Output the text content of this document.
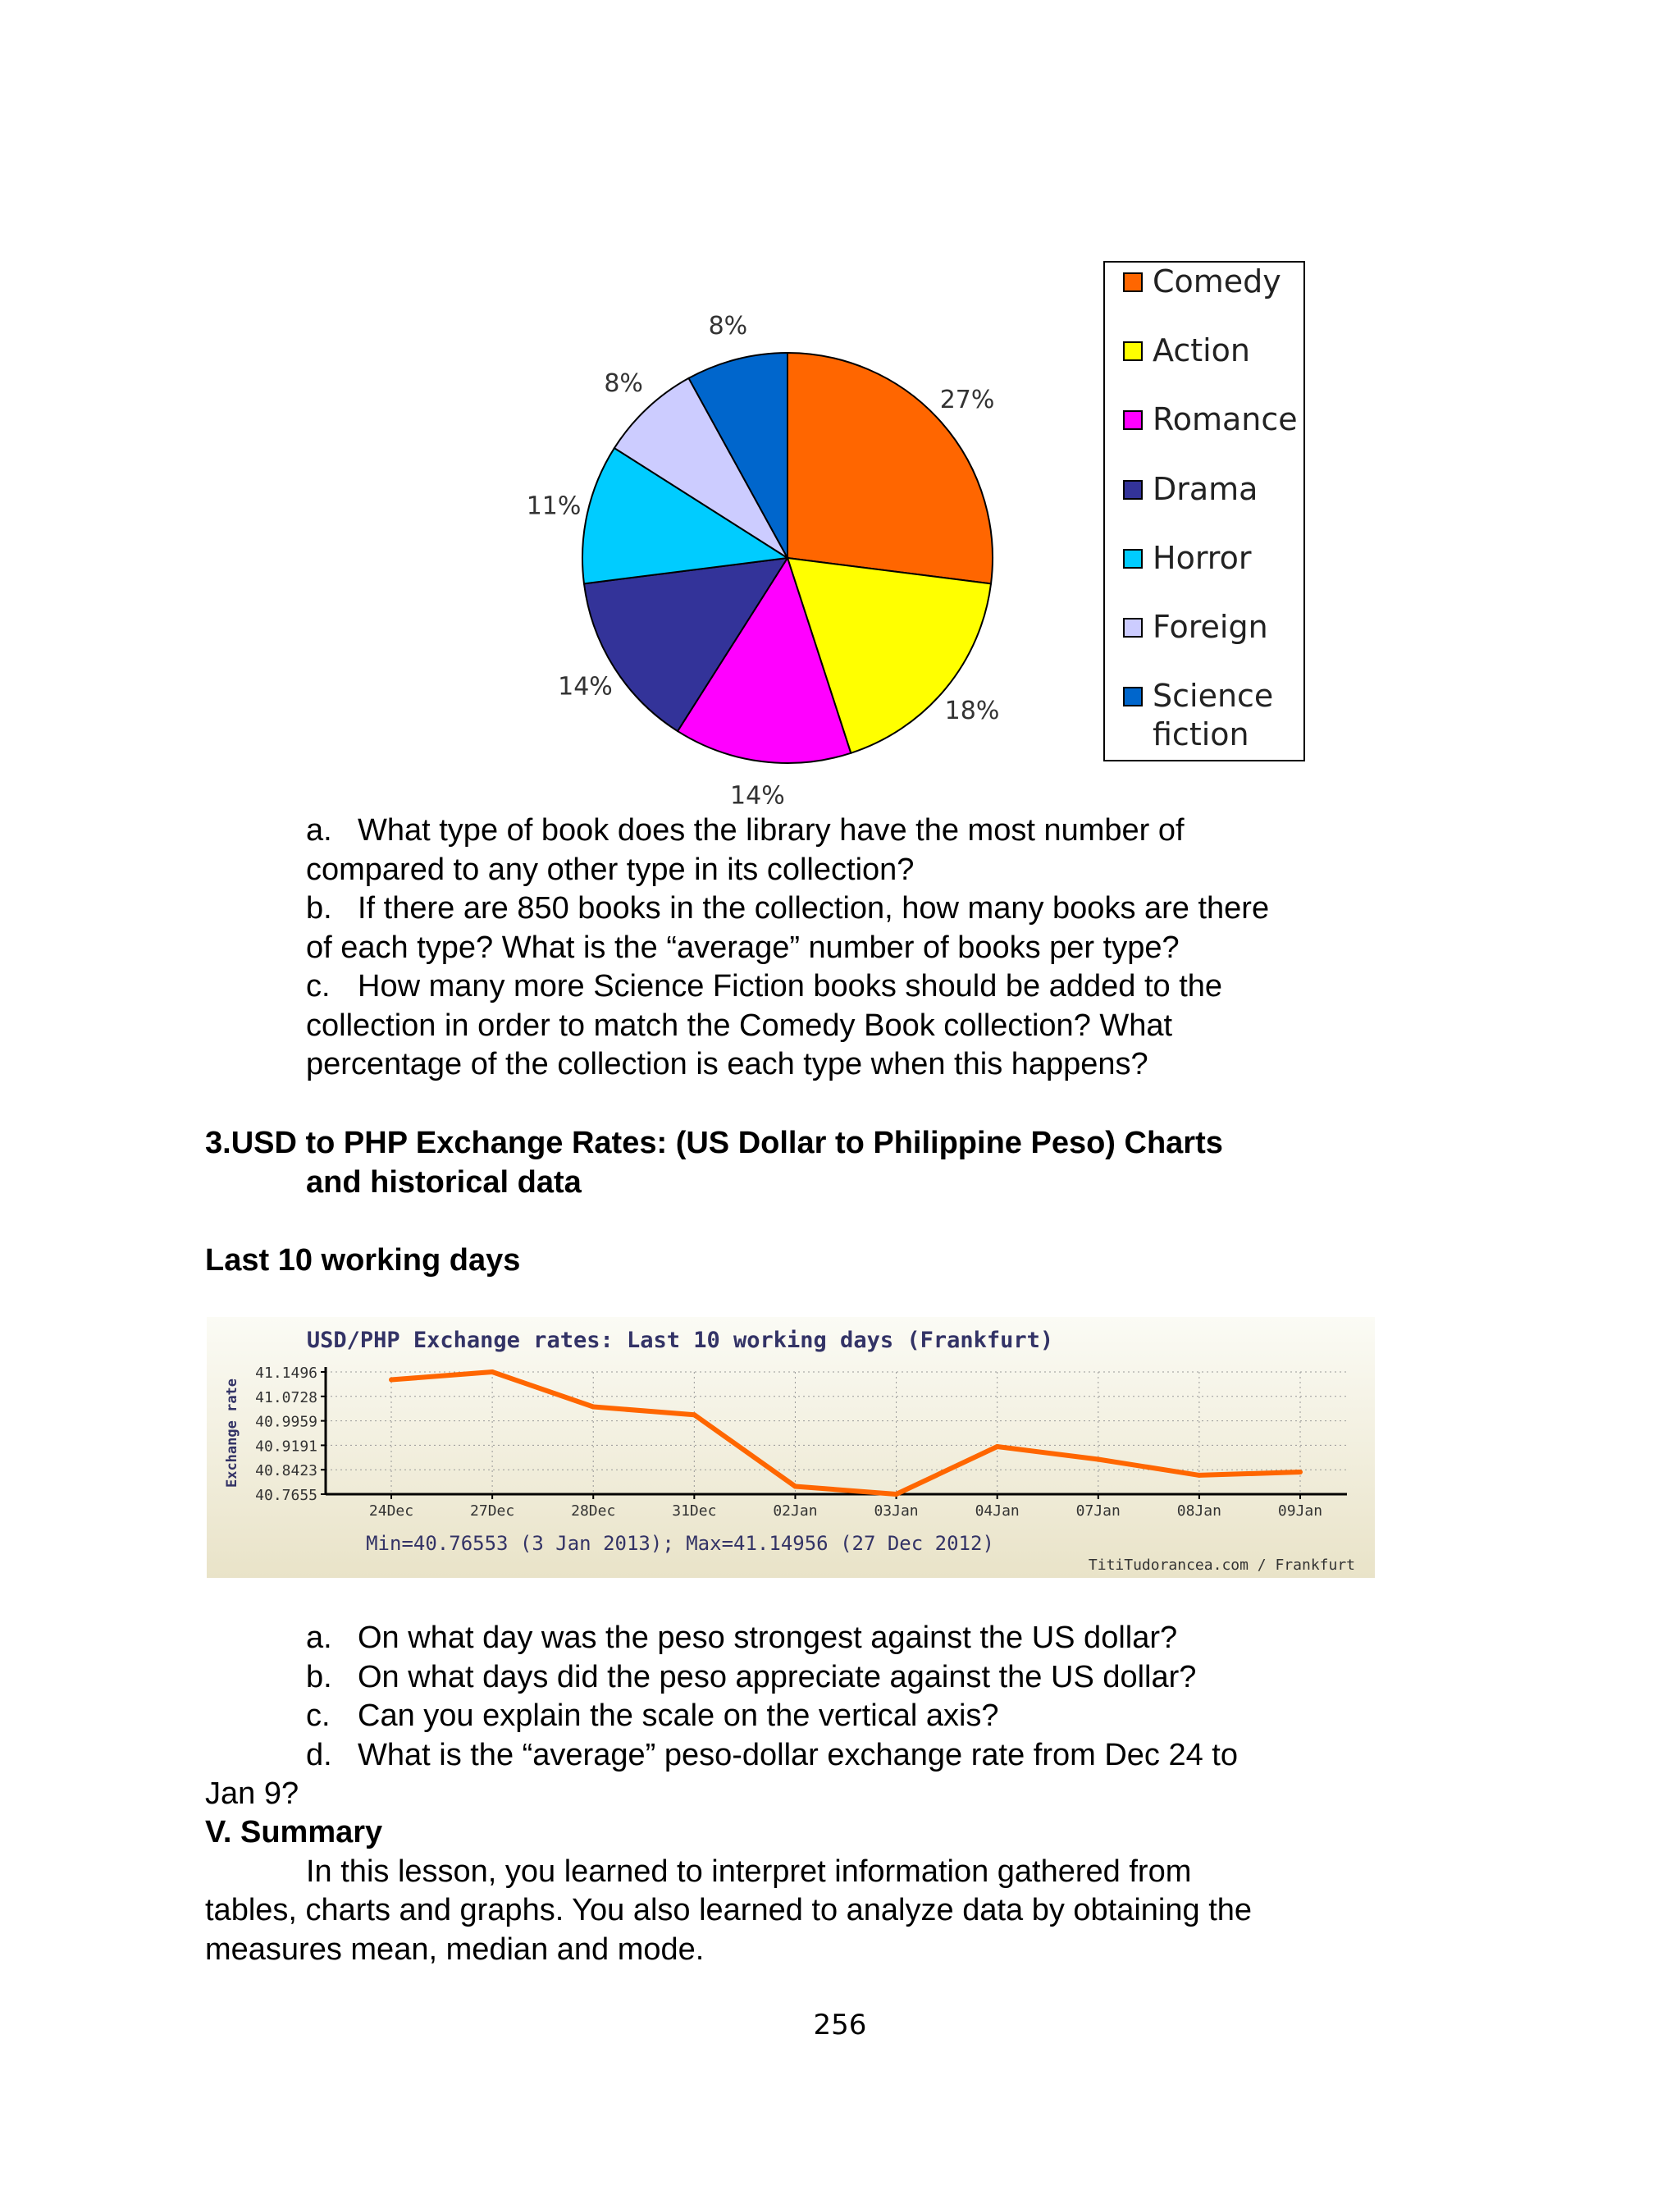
27%
18%
14%
14%
11%
8%
8%
Comedy
Action
Romance
Drama
Horror
Foreign
Science
fiction
a. What type of book does the library have the most number of
compared to any other type in its collection?
b. If there are 850 books in the collection, how many books are there
of each type? What is the “average” number of books per type?
c. How many more Science Fiction books should be added to the
collection in order to match the Comedy Book collection? What
percentage of the collection is each type when this happens?
3.USD to PHP Exchange Rates: (US Dollar to Philippine Peso) Charts
and historical data
Last 10 working days
USD/PHP Exchange rates: Last 10 working days (Frankfurt)
41.1496
41.0728
40.9959
40.9191
40.8423
40.7655
24Dec	27Dec	28Dec	31Dec	02Jan	03Jan	04Jan	07Jan	08Jan	09Jan
Exchange rate
Min=40.76553 (3 Jan 2013); Max=41.14956 (27 Dec 2012)
TitiTudorancea.com / Frankfurt
a. On what day was the peso strongest against the US dollar?
b. On what days did the peso appreciate against the US dollar?
c. Can you explain the scale on the vertical axis?
d. What is the “average” peso-dollar exchange rate from Dec 24 to
Jan 9?
V. Summary
In this lesson, you learned to interpret information gathered from
tables, charts and graphs. You also learned to analyze data by obtaining the
measures mean, median and mode.
256
